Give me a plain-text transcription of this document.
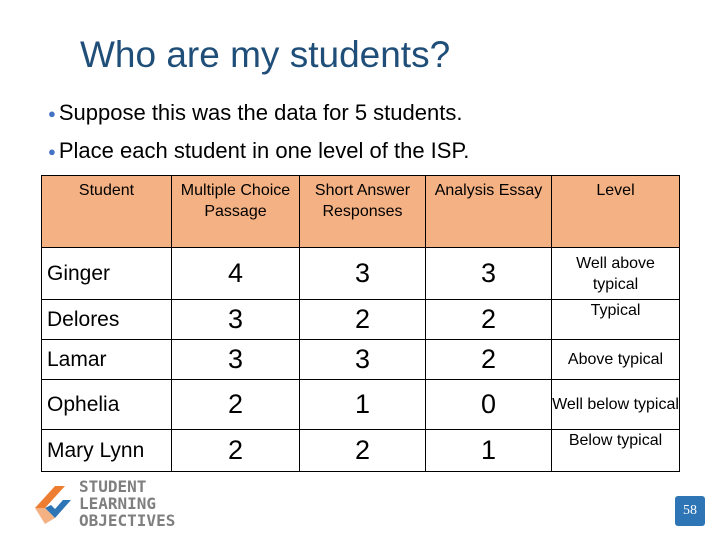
Who are my students?
● Suppose this was the data for 5 students.
● Place each student in one level of the ISP.
Student	Multiple Choice Passage	Short Answer Responses	Analysis Essay	Level
Ginger	4	3	3	Well above typical
Delores	3	2	2	Typical
Lamar	3	3	2	Above typical
Ophelia	2	1	0	Well below typical
Mary Lynn	2	2	1	Below typical
STUDENT
LEARNING
OBJECTIVES
58
